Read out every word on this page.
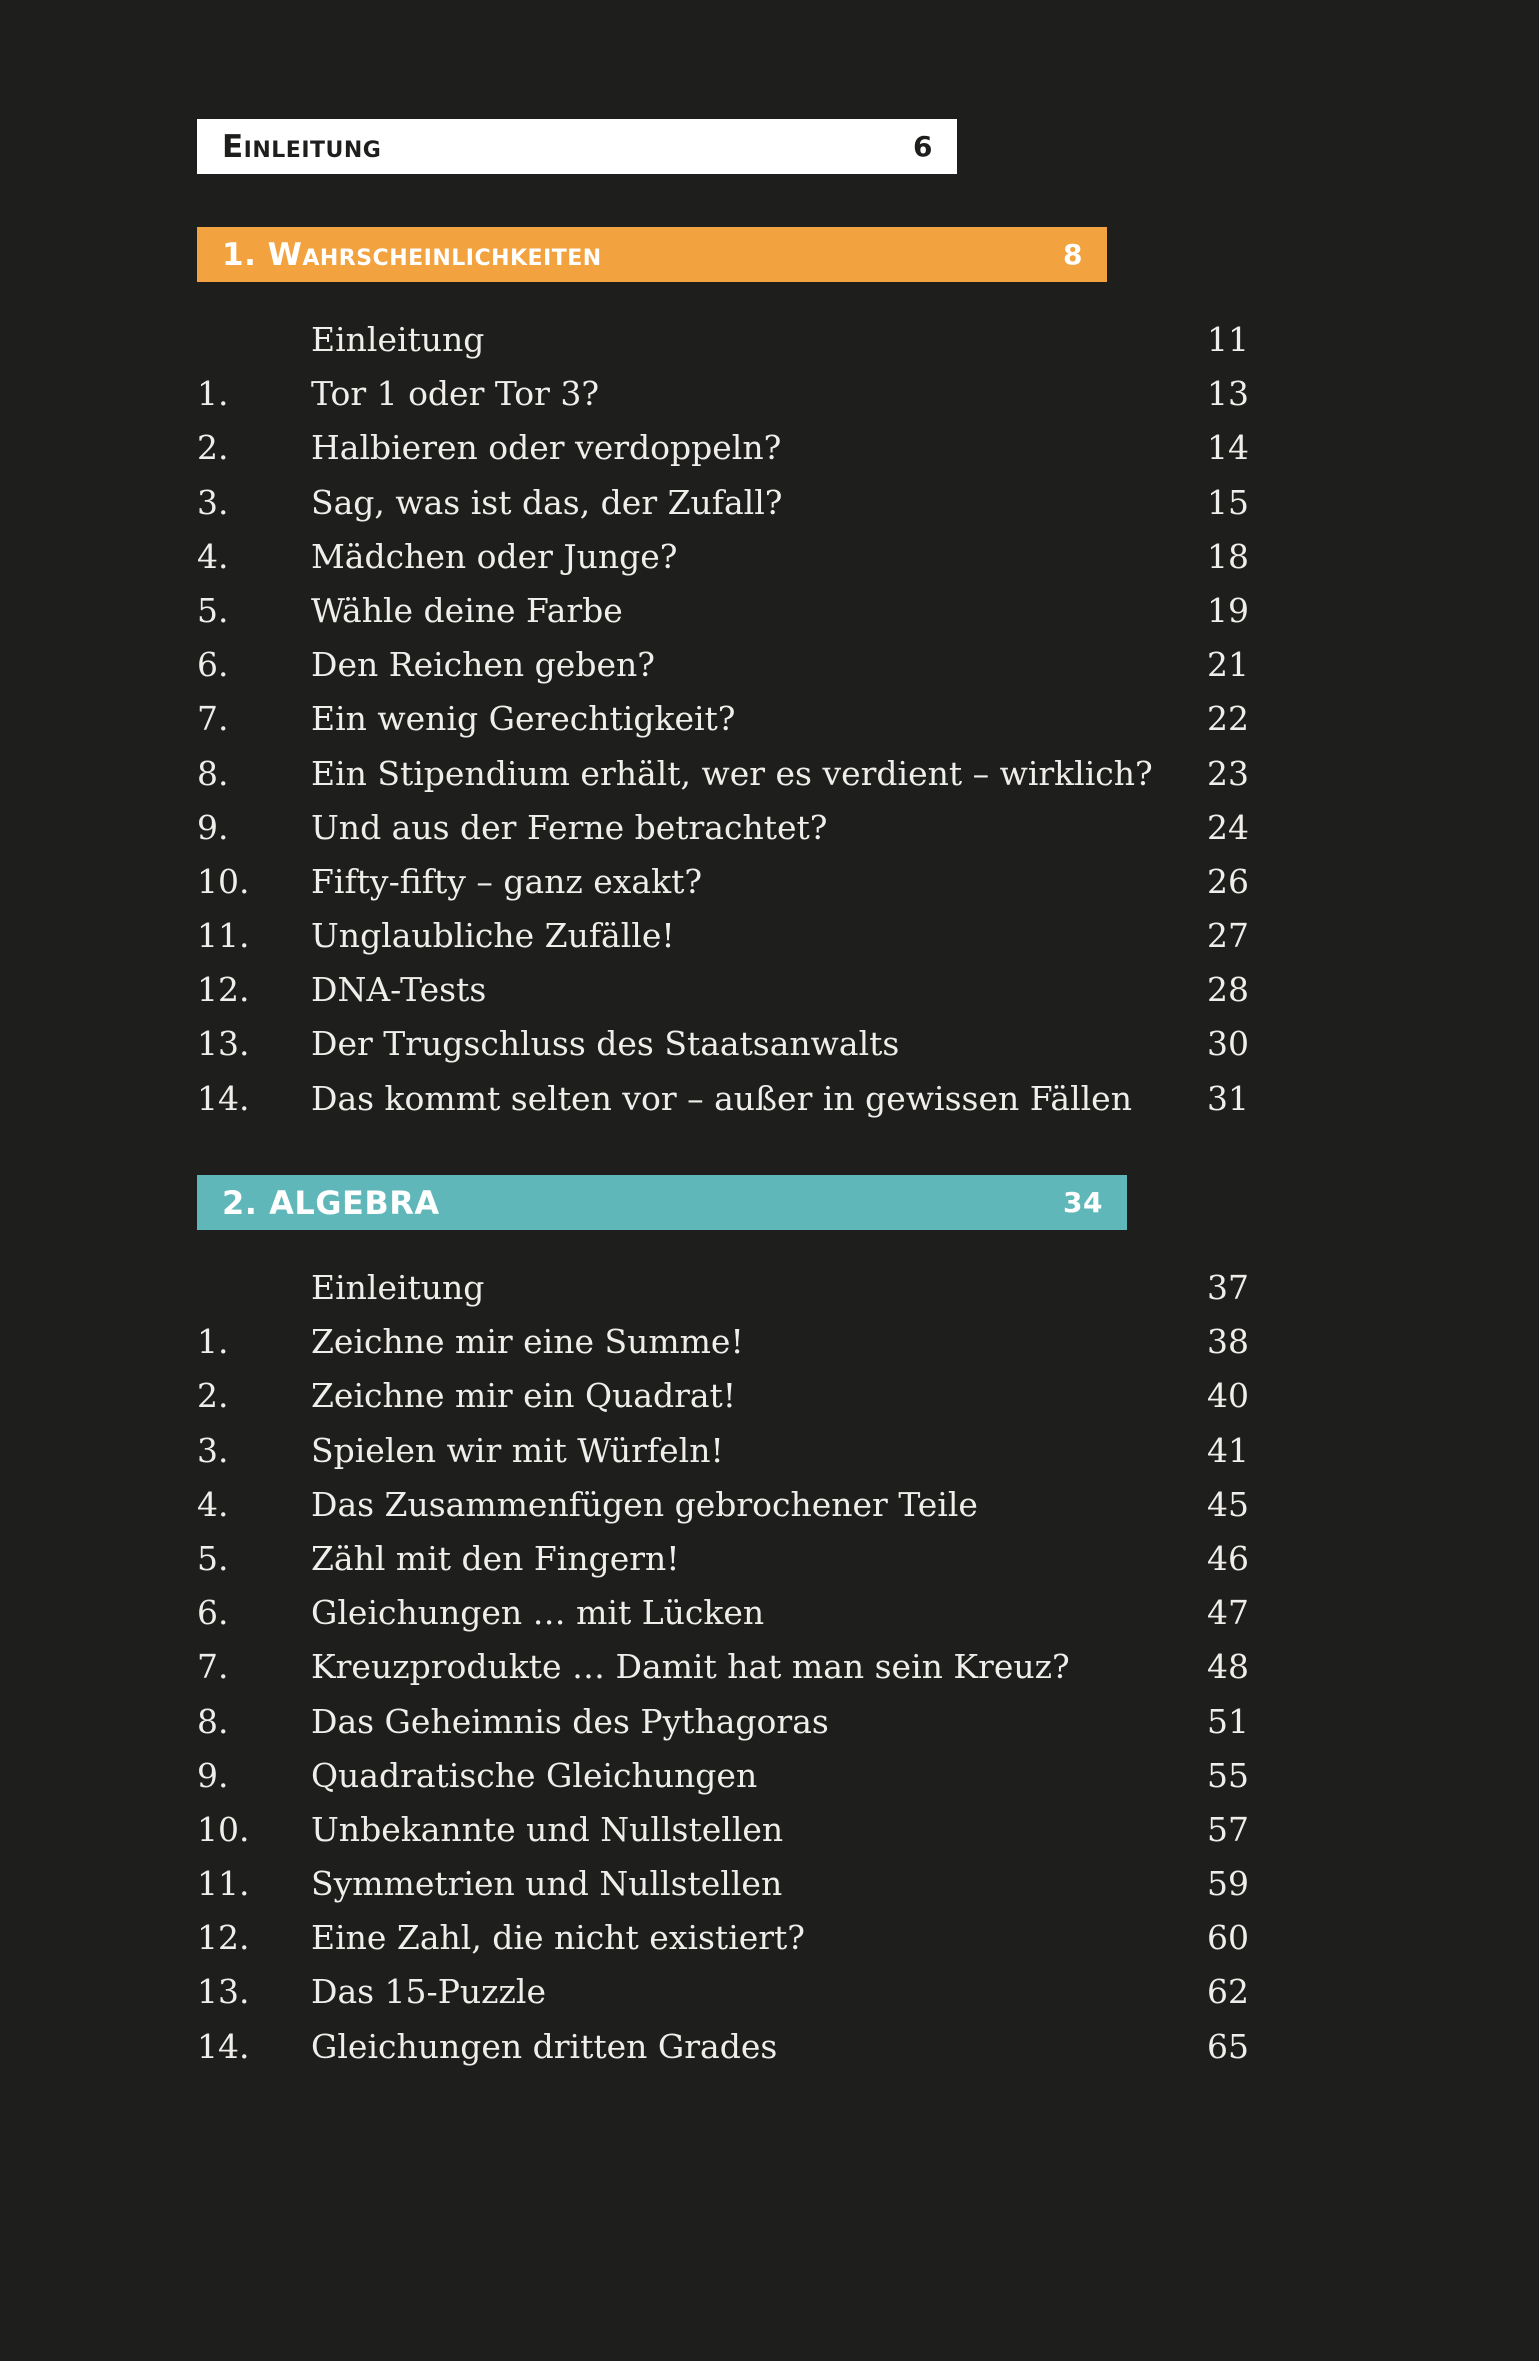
Einleitung	6
1. Wahrscheinlichkeiten	8
Einleitung	11
1.	Tor 1 oder Tor 3?	13
2.	Halbieren oder verdoppeln?	14
3.	Sag, was ist das, der Zufall?	15
4.	Mädchen oder Junge?	18
5.	Wähle deine Farbe	19
6.	Den Reichen geben?	21
7.	Ein wenig Gerechtigkeit?	22
8.	Ein Stipendium erhält, wer es verdient – wirklich? 23
9.	Und aus der Ferne betrachtet?	24
10. Fifty-fifty – ganz exakt?	26
11. Unglaubliche Zufälle!	27
12. DNA-Tests	28
13. Der Trugschluss des Staatsanwalts	30
14. Das kommt selten vor – außer in gewissen Fällen 31
2. ALGEBRA	34
Einleitung	37
1.	Zeichne mir eine Summe!	38
2.	Zeichne mir ein Quadrat!	40
3.	Spielen wir mit Würfeln!	41
4.	Das Zusammenfügen gebrochener Teile	45
5.	Zähl mit den Fingern!	46
6.	Gleichungen … mit Lücken	47
7.	Kreuzprodukte … Damit hat man sein Kreuz?	48
8.	Das Geheimnis des Pythagoras	51
9.	Quadratische Gleichungen	55
10. Unbekannte und Nullstellen	57
11. Symmetrien und Nullstellen	59
12. Eine Zahl, die nicht existiert?	60
13. Das 15-Puzzle	62
14. Gleichungen dritten Grades	65
